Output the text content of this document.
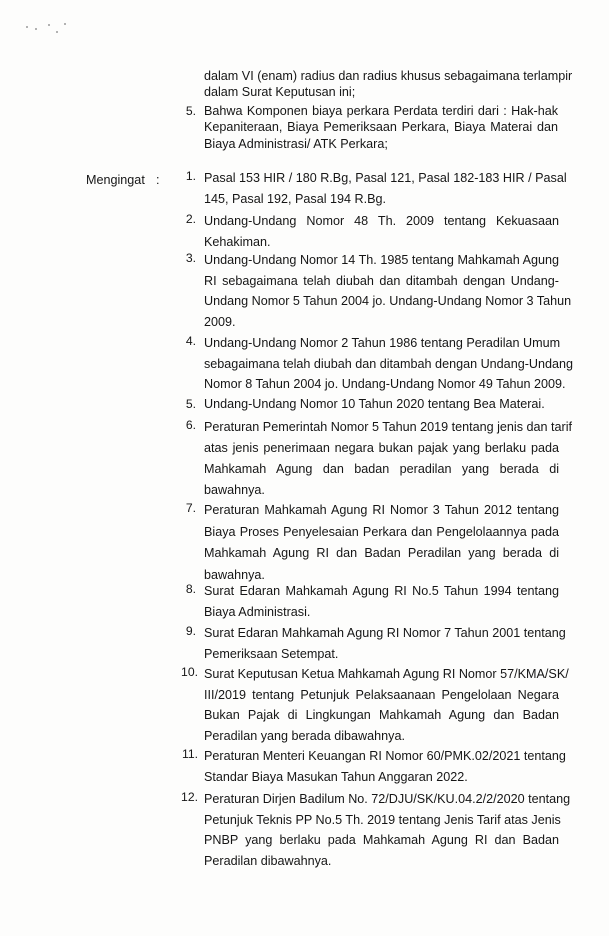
dalam VI (enam) radius dan radius khusus sebagaimana terlampir
dalam Surat Keputusan ini;
5. Bahwa Komponen biaya perkara Perdata terdiri dari : Hak-hak
Kepaniteraan, Biaya Pemeriksaan Perkara, Biaya Materai dan
Biaya Administrasi/ ATK Perkara;
Mengingat :	1. Pasal 153 HIR / 180 R.Bg, Pasal 121, Pasal 182-183 HIR / Pasal
145, Pasal 192, Pasal 194 R.Bg.
2. Undang-Undang Nomor 48 Th. 2009 tentang Kekuasaan
Kehakiman.
3. Undang-Undang Nomor 14 Th. 1985 tentang Mahkamah Agung
RI sebagaimana telah diubah dan ditambah dengan Undang-
Undang Nomor 5 Tahun 2004 jo. Undang-Undang Nomor 3 Tahun
2009.
4. Undang-Undang Nomor 2 Tahun 1986 tentang Peradilan Umum
sebagaimana telah diubah dan ditambah dengan Undang-Undang
Nomor 8 Tahun 2004 jo. Undang-Undang Nomor 49 Tahun 2009.
5. Undang-Undang Nomor 10 Tahun 2020 tentang Bea Materai.
6. Peraturan Pemerintah Nomor 5 Tahun 2019 tentang jenis dan tarif
atas jenis penerimaan negara bukan pajak yang berlaku pada
Mahkamah Agung dan badan peradilan yang berada di
bawahnya.
7. Peraturan Mahkamah Agung RI Nomor 3 Tahun 2012 tentang
Biaya Proses Penyelesaian Perkara dan Pengelolaannya pada
Mahkamah Agung RI dan Badan Peradilan yang berada di
bawahnya.
8. Surat Edaran Mahkamah Agung RI No.5 Tahun 1994 tentang
Biaya Administrasi.
9. Surat Edaran Mahkamah Agung RI Nomor 7 Tahun 2001 tentang
Pemeriksaan Setempat.
10. Surat Keputusan Ketua Mahkamah Agung RI Nomor 57/KMA/SK/
III/2019 tentang Petunjuk Pelaksaanaan Pengelolaan Negara
Bukan Pajak di Lingkungan Mahkamah Agung dan Badan
Peradilan yang berada dibawahnya.
11. Peraturan Menteri Keuangan RI Nomor 60/PMK.02/2021 tentang
Standar Biaya Masukan Tahun Anggaran 2022.
12. Peraturan Dirjen Badilum No. 72/DJU/SK/KU.04.2/2/2020 tentang
Petunjuk Teknis PP No.5 Th. 2019 tentang Jenis Tarif atas Jenis
PNBP yang berlaku pada Mahkamah Agung RI dan Badan
Peradilan dibawahnya.
